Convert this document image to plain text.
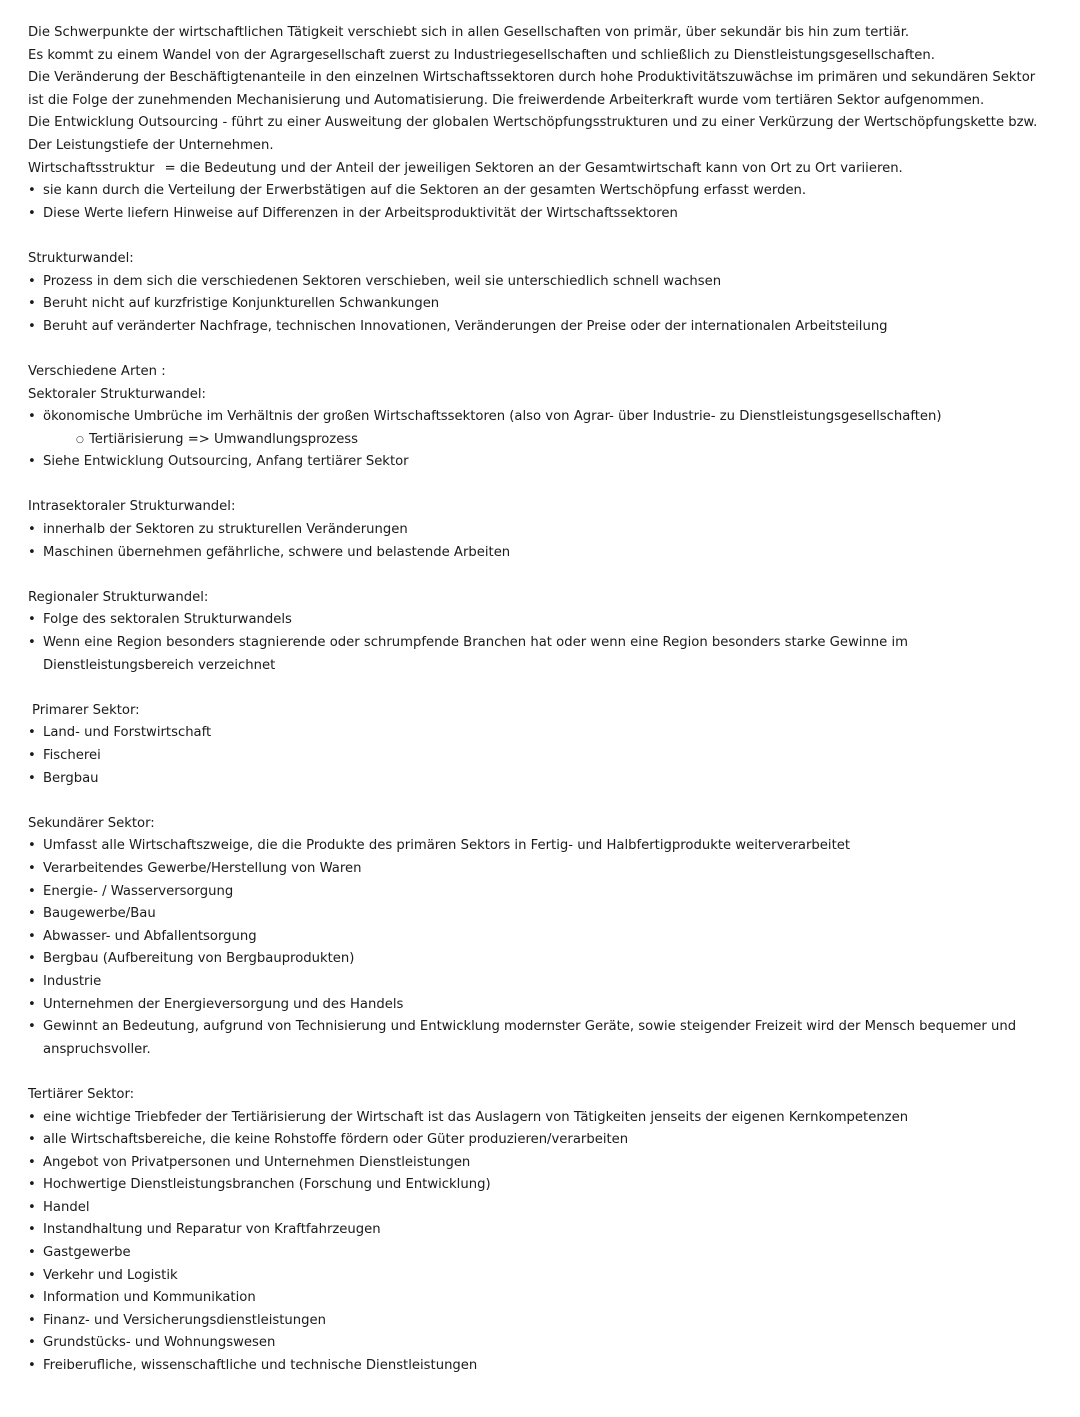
Die Schwerpunkte der wirtschaftlichen Tätigkeit verschiebt sich in allen Gesellschaften von primär, über sekundär bis hin zum tertiär.

Es kommt zu einem Wandel von der Agrargesellschaft zuerst zu Industriegesellschaften und schließlich zu Dienstleistungsgesellschaften.

Die Veränderung der Beschäftigtenanteile in den einzelnen Wirtschaftssektoren durch hohe Produktivitätszuwächse im primären und sekundären Sektor ist die Folge der zunehmenden Mechanisierung und Automatisierung. Die freiwerdende Arbeiterkraft wurde vom tertiären Sektor aufgenommen.

Die Entwicklung Outsourcing - führt zu einer Ausweitung der globalen Wertschöpfungsstrukturen und zu einer Verkürzung der Wertschöpfungskette bzw. Der Leistungstiefe der Unternehmen.

Wirtschaftsstruktur = die Bedeutung und der Anteil der jeweiligen Sektoren an der Gesamtwirtschaft kann von Ort zu Ort variieren.

• sie kann durch die Verteilung der Erwerbstätigen auf die Sektoren an der gesamten Wertschöpfung erfasst werden.
• Diese Werte liefern Hinweise auf Differenzen in der Arbeitsproduktivität der Wirtschaftssektoren

Strukturwandel:

• Prozess in dem sich die verschiedenen Sektoren verschieben, weil sie unterschiedlich schnell wachsen
• Beruht nicht auf kurzfristige Konjunkturellen Schwankungen
• Beruht auf veränderter Nachfrage, technischen Innovationen, Veränderungen der Preise oder der internationalen Arbeitsteilung

Verschiedene Arten :

Sektoraler Strukturwandel:

• ökonomische Umbrüche im Verhältnis der großen Wirtschaftssektoren (also von Agrar- über Industrie- zu Dienstleistungsgesellschaften)
○ Tertiärisierung => Umwandlungsprozess
• Siehe Entwicklung Outsourcing, Anfang tertiärer Sektor

Intrasektoraler Strukturwandel:

• innerhalb der Sektoren zu strukturellen Veränderungen
• Maschinen übernehmen gefährliche, schwere und belastende Arbeiten

Regionaler Strukturwandel:

• Folge des sektoralen Strukturwandels
• Wenn eine Region besonders stagnierende oder schrumpfende Branchen hat oder wenn eine Region besonders starke Gewinne im Dienstleistungsbereich verzeichnet

Primarer Sektor:

• Land- und Forstwirtschaft
• Fischerei
• Bergbau

Sekundärer Sektor:

• Umfasst alle Wirtschaftszweige, die die Produkte des primären Sektors in Fertig- und Halbfertigprodukte weiterverarbeitet
• Verarbeitendes Gewerbe/Herstellung von Waren
• Energie- / Wasserversorgung
• Baugewerbe/Bau
• Abwasser- und Abfallentsorgung
• Bergbau (Aufbereitung von Bergbauprodukten)
• Industrie
• Unternehmen der Energieversorgung und des Handels
• Gewinnt an Bedeutung, aufgrund von Technisierung und Entwicklung modernster Geräte, sowie steigender Freizeit wird der Mensch bequemer und anspruchsvoller.

Tertiärer Sektor:

• eine wichtige Triebfeder der Tertiärisierung der Wirtschaft ist das Auslagern von Tätigkeiten jenseits der eigenen Kernkompetenzen
• alle Wirtschaftsbereiche, die keine Rohstoffe fördern oder Güter produzieren/verarbeiten
• Angebot von Privatpersonen und Unternehmen Dienstleistungen
• Hochwertige Dienstleistungsbranchen (Forschung und Entwicklung)
• Handel
• Instandhaltung und Reparatur von Kraftfahrzeugen
• Gastgewerbe
• Verkehr und Logistik
• Information und Kommunikation
• Finanz- und Versicherungsdienstleistungen
• Grundstücks- und Wohnungswesen
• Freiberufliche, wissenschaftliche und technische Dienstleistungen
